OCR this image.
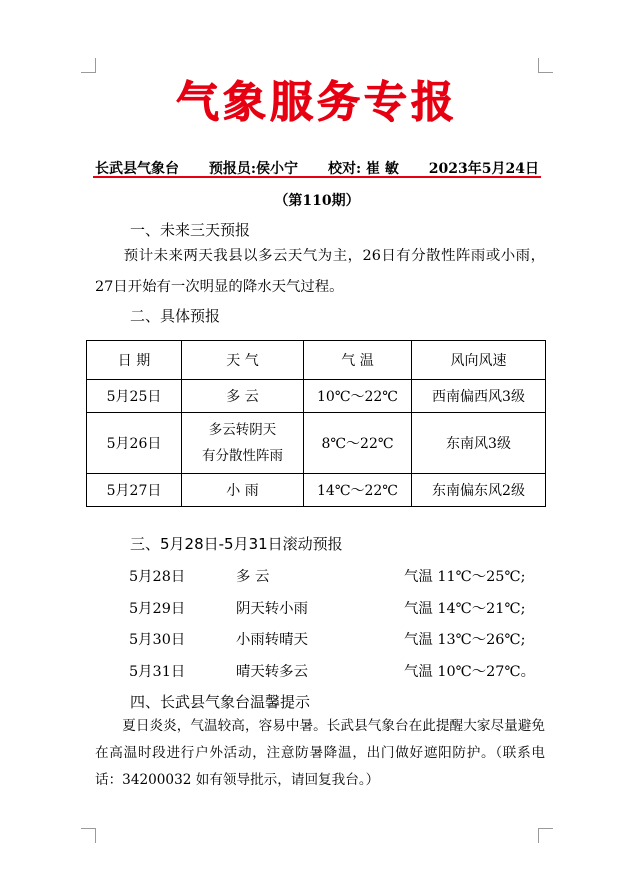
气象服务专报
长武县气象台 预报员:侯小宁 校对: 崔 敏 2023年5月24日
（第110期）
一、未来三天预报
预计未来两天我县以多云天气为主，26日有分散性阵雨或小雨，27日开始有一次明显的降水天气过程。
二、具体预报
日 期	天 气	气 温	风向风速
5月25日	多 云	10℃～22℃	西南偏西风3级
5月26日	多云转阴天
有分散性阵雨	8℃～22℃	东南风3级
5月27日	小 雨	14℃～22℃	东南偏东风2级
三、5月28日-5月31日滚动预报
5月28日	多 云	气温 11℃～25℃;
5月29日	阴天转小雨	气温 14℃～21℃;
5月30日	小雨转晴天	气温 13℃～26℃;
5月31日	晴天转多云	气温 10℃～27℃。
四、长武县气象台温馨提示
夏日炎炎，气温较高，容易中暑。长武县气象台在此提醒大家尽量避免在高温时段进行户外活动，注意防暑降温，出门做好遮阳防护。（联系电话：34200032 如有领导批示，请回复我台。）
